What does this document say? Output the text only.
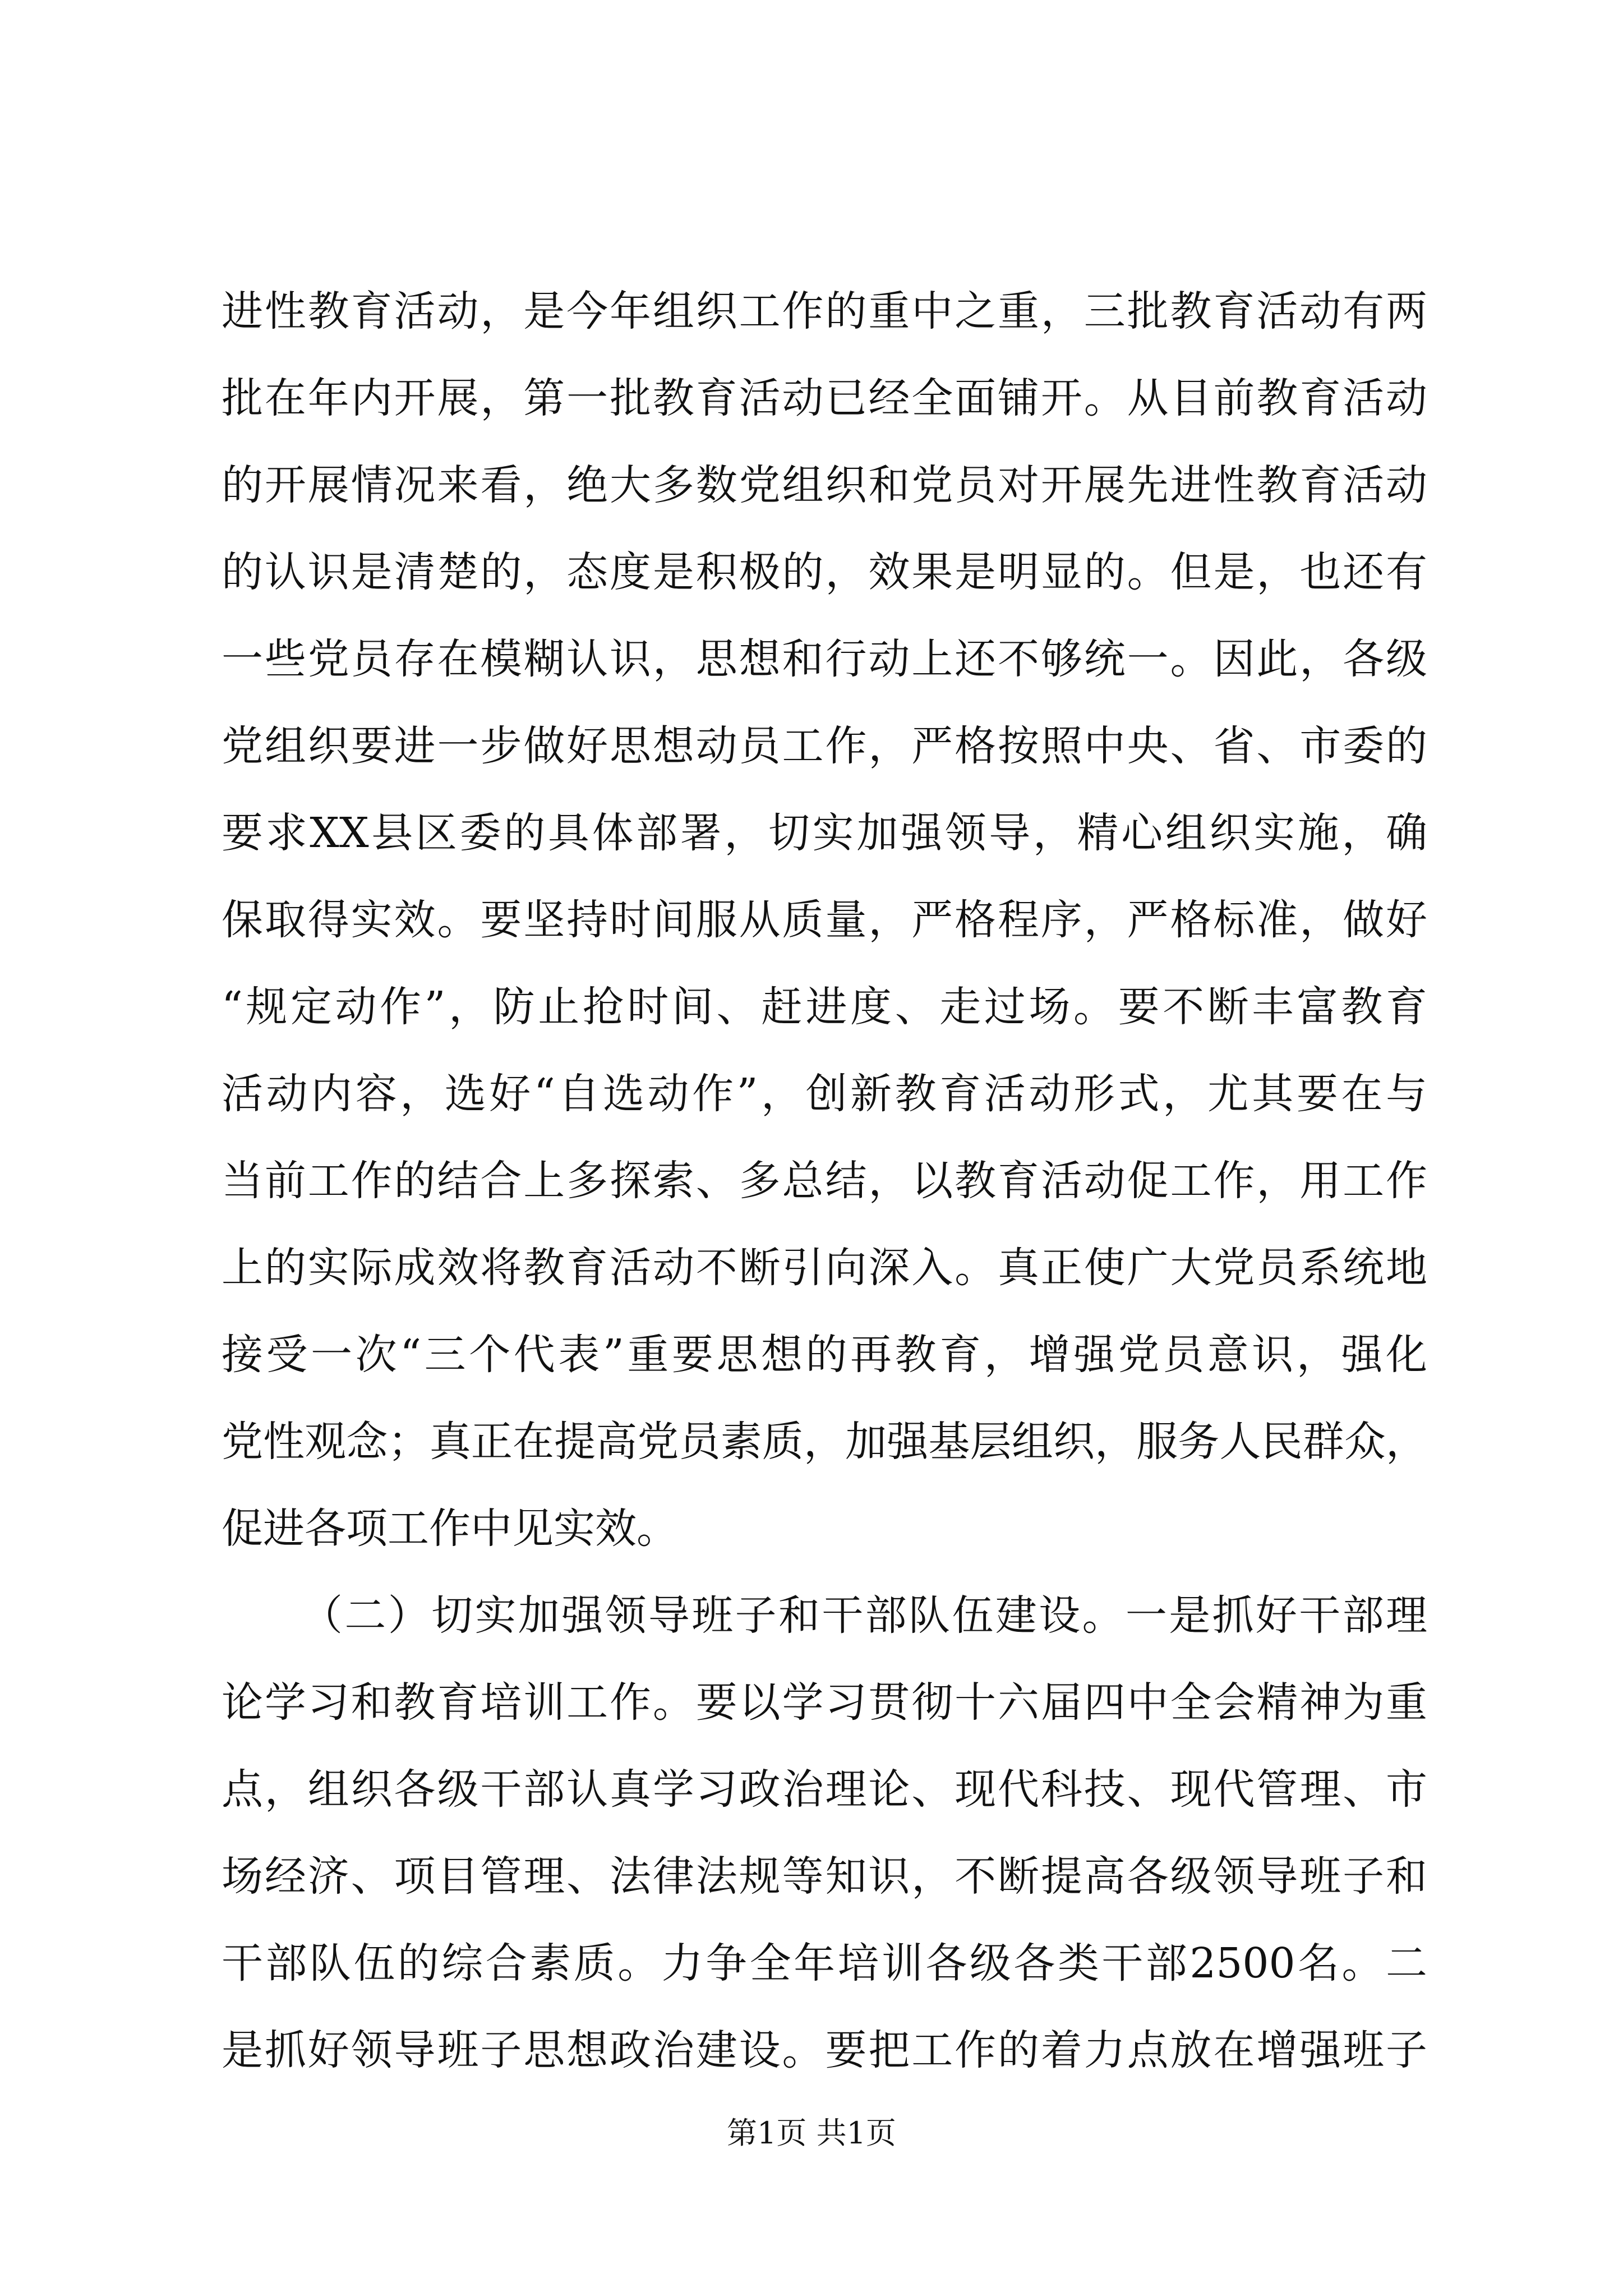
进性教育活动，是今年组织工作的重中之重，三批教育活动有两
批在年内开展，第一批教育活动已经全面铺开。从目前教育活动
的开展情况来看，绝大多数党组织和党员对开展先进性教育活动
的认识是清楚的，态度是积极的，效果是明显的。但是，也还有
一些党员存在模糊认识，思想和行动上还不够统一。因此，各级
党组织要进一步做好思想动员工作，严格按照中央、省、市委的
要求XX县区委的具体部署，切实加强领导，精心组织实施，确
保取得实效。要坚持时间服从质量，严格程序，严格标准，做好
“规定动作”，防止抢时间、赶进度、走过场。要不断丰富教育
活动内容，选好“自选动作”，创新教育活动形式，尤其要在与
当前工作的结合上多探索、多总结，以教育活动促工作，用工作
上的实际成效将教育活动不断引向深入。真正使广大党员系统地
接受一次“三个代表”重要思想的再教育，增强党员意识，强化
党性观念；真正在提高党员素质，加强基层组织，服务人民群众，
促进各项工作中见实效。
（二）切实加强领导班子和干部队伍建设。一是抓好干部理
论学习和教育培训工作。要以学习贯彻十六届四中全会精神为重
点，组织各级干部认真学习政治理论、现代科技、现代管理、市
场经济、项目管理、法律法规等知识，不断提高各级领导班子和
干部队伍的综合素质。力争全年培训各级各类干部2500名。二
是抓好领导班子思想政治建设。要把工作的着力点放在增强班子
第1页 共1页
